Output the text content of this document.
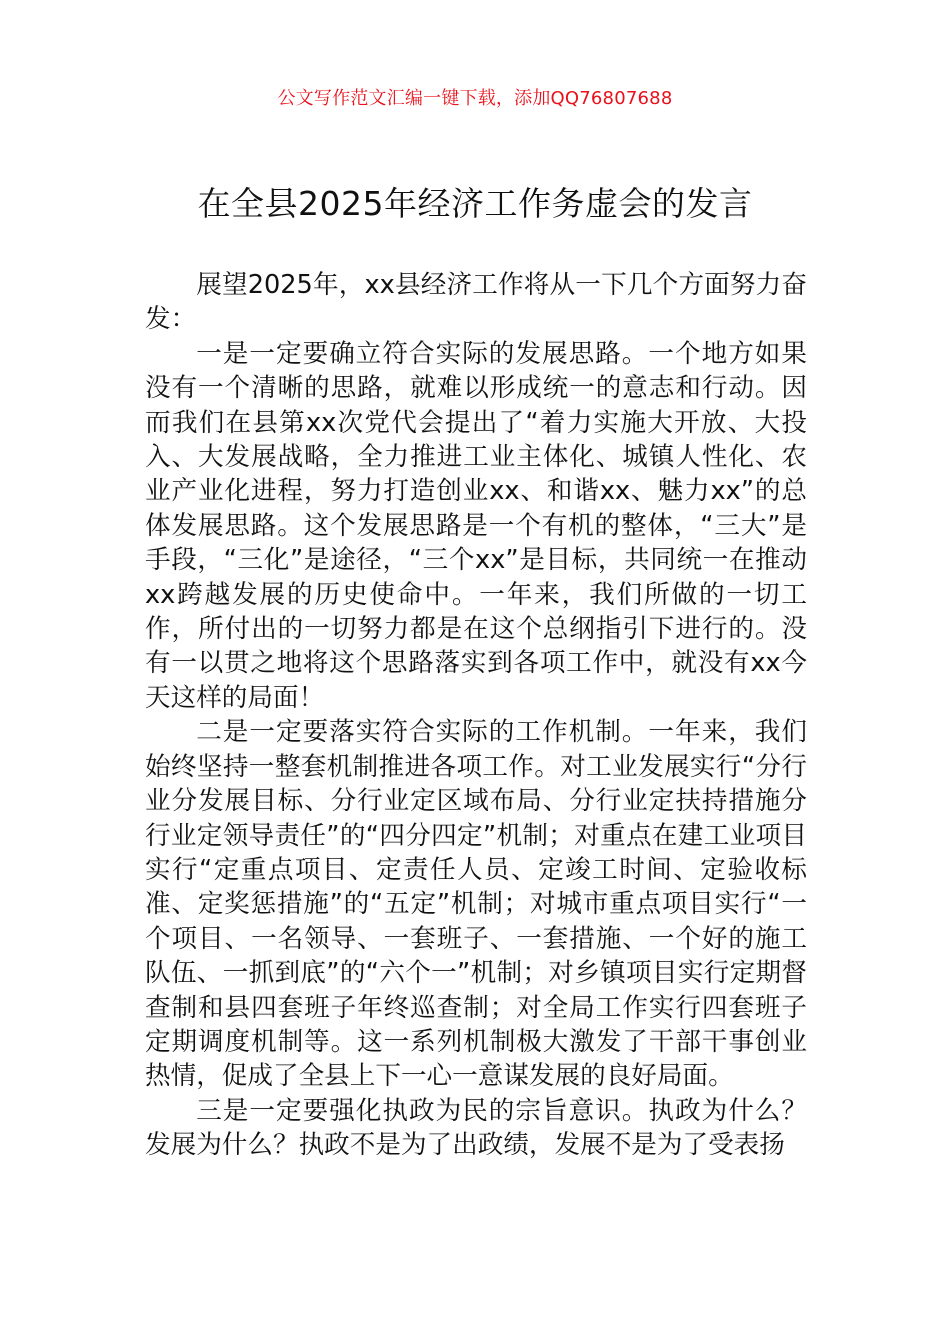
公文写作范文汇编一键下载，添加QQ76807688
在全县2025年经济工作务虚会的发言

展望2025年，xx县经济工作将从一下几个方面努力奋发：

一是一定要确立符合实际的发展思路。一个地方如果没有一个清晰的思路，就难以形成统一的意志和行动。因而我们在县第xx次党代会提出了“着力实施大开放、大投入、大发展战略，全力推进工业主体化、城镇人性化、农业产业化进程，努力打造创业xx、和谐xx、魅力xx”的总体发展思路。这个发展思路是一个有机的整体，“三大”是手段，“三化”是途径，“三个xx”是目标，共同统一在推动xx跨越发展的历史使命中。一年来，我们所做的一切工作，所付出的一切努力都是在这个总纲指引下进行的。没有一以贯之地将这个思路落实到各项工作中，就没有xx今天这样的局面！

二是一定要落实符合实际的工作机制。一年来，我们始终坚持一整套机制推进各项工作。对工业发展实行“分行业分发展目标、分行业定区域布局、分行业定扶持措施分行业定领导责任”的“四分四定”机制；对重点在建工业项目实行“定重点项目、定责任人员、定竣工时间、定验收标准、定奖惩措施”的“五定”机制；对城市重点项目实行“一个项目、一名领导、一套班子、一套措施、一个好的施工队伍、一抓到底”的“六个一”机制；对乡镇项目实行定期督查制和县四套班子年终巡查制；对全局工作实行四套班子定期调度机制等。这一系列机制极大激发了干部干事创业热情，促成了全县上下一心一意谋发展的良好局面。

三是一定要强化执政为民的宗旨意识。执政为什么？发展为什么？执政不是为了出政绩，发展不是为了受表扬
